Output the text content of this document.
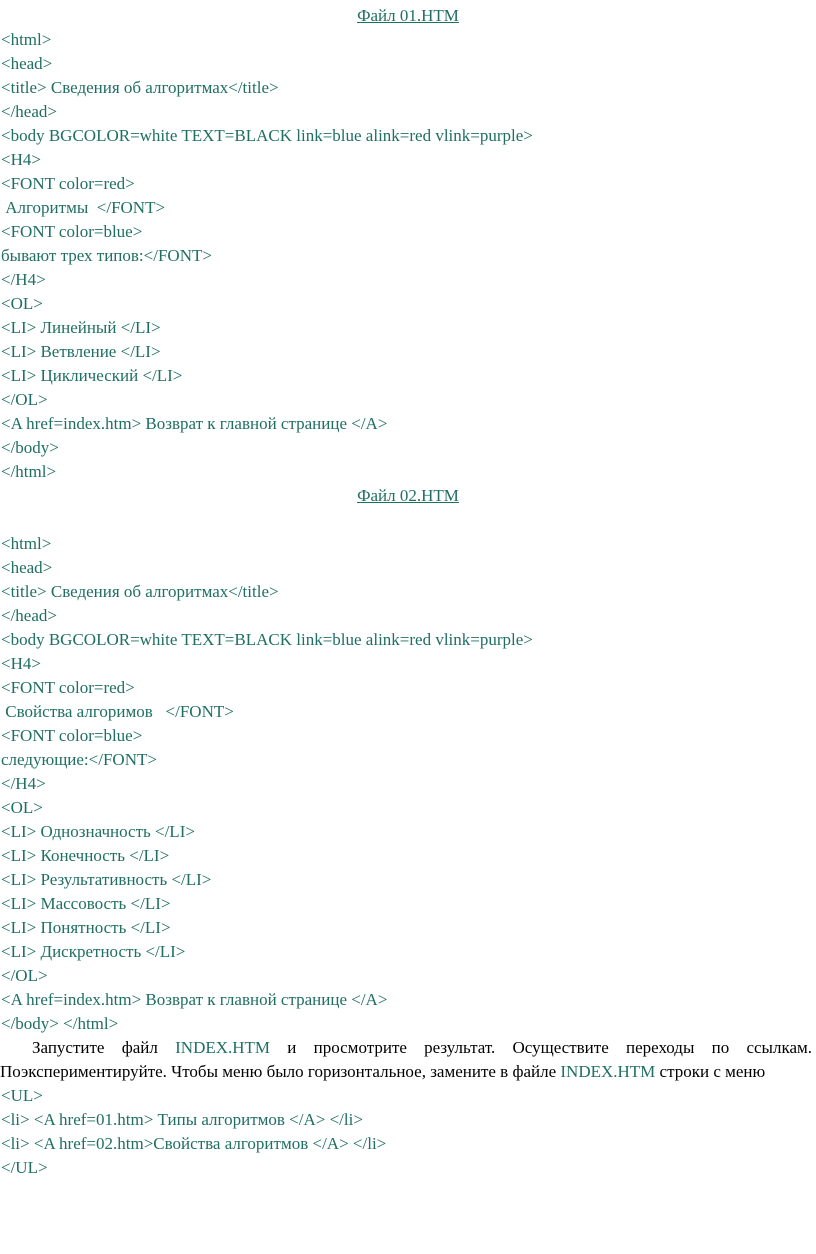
Файл 01.HTM
<html>
<head>
<title> Сведения об алгоритмах</title>
</head>
<body BGCOLOR=white TEXT=BLACK link=blue alink=red vlink=purple>
<H4>
<FONT color=red>
Алгоритмы  </FONT>
<FONT color=blue>
бывают трех типов:</FONT>
</H4>
<OL>
<LI> Линейный </LI>
<LI> Ветвление </LI>
<LI> Циклический </LI>
</OL>
<A href=index.htm> Возврат к главной странице </A>
</body>
</html>
Файл 02.HTM
<html>
<head>
<title> Сведения об алгоритмах</title>
</head>
<body BGCOLOR=white TEXT=BLACK link=blue alink=red vlink=purple>
<H4>
<FONT color=red>
Свойства алгоримов   </FONT>
<FONT color=blue>
следующие:</FONT>
</H4>
<OL>
<LI> Однозначность </LI>
<LI> Конечность </LI>
<LI> Результативность </LI>
<LI> Массовость </LI>
<LI> Понятность </LI>
<LI> Дискретность </LI>
</OL>
<A href=index.htm> Возврат к главной странице </A>
</body> </html>

Запустите файл INDEX.HTM и просмотрите результат. Осуществите переходы по ссылкам. Поэкспериментируйте. Чтобы меню было горизонтальное, замените в файле INDEX.HTM строки с меню

<UL>
<li> <A href=01.htm> Типы алгоритмов </A> </li>
<li> <A href=02.htm>Свойства алгоритмов </A> </li>
</UL>
